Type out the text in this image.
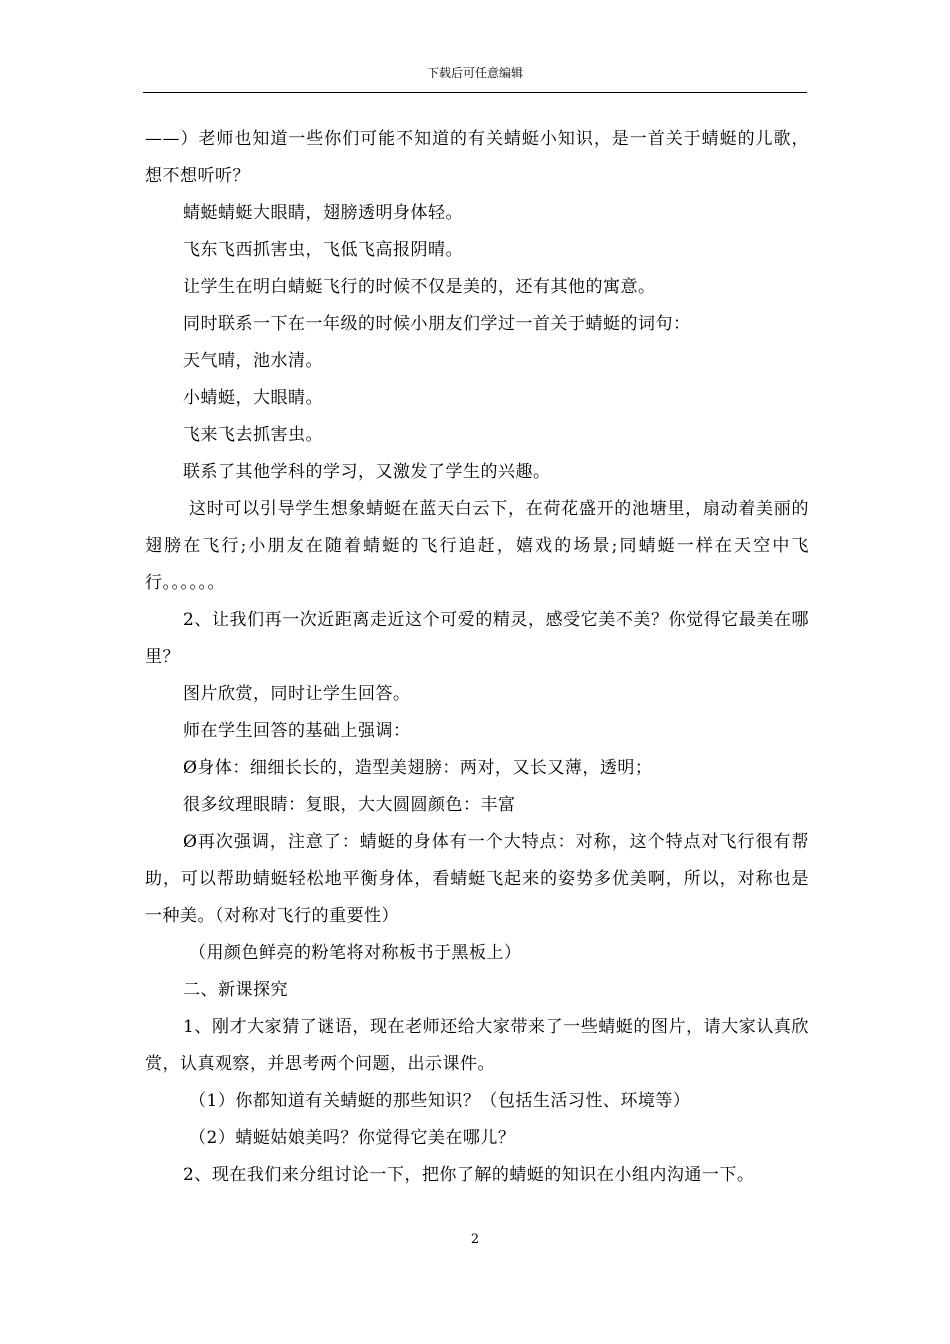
下载后可任意编辑

——）老师也知道一些你们可能不知道的有关蜻蜓小知识，是一首关于蜻蜓的儿歌，想不想听听？

蜻蜓蜻蜓大眼睛，翅膀透明身体轻。

飞东飞西抓害虫，飞低飞高报阴晴。

让学生在明白蜻蜓飞行的时候不仅是美的，还有其他的寓意。

同时联系一下在一年级的时候小朋友们学过一首关于蜻蜓的词句：

天气晴，池水清。

小蜻蜓，大眼睛。

飞来飞去抓害虫。

联系了其他学科的学习，又激发了学生的兴趣。

这时可以引导学生想象蜻蜓在蓝天白云下，在荷花盛开的池塘里，扇动着美丽的翅膀在飞行;小朋友在随着蜻蜓的飞行追赶，嬉戏的场景;同蜻蜓一样在天空中飞行。。。。。。

2、让我们再一次近距离走近这个可爱的精灵，感受它美不美？你觉得它最美在哪里？

图片欣赏，同时让学生回答。

师在学生回答的基础上强调：

Ø身体：细细长长的，造型美翅膀：两对，又长又薄，透明；

很多纹理眼睛：复眼，大大圆圆颜色：丰富

Ø再次强调，注意了：蜻蜓的身体有一个大特点：对称，这个特点对飞行很有帮助，可以帮助蜻蜓轻松地平衡身体，看蜻蜓飞起来的姿势多优美啊，所以，对称也是一种美。（对称对飞行的重要性）

（用颜色鲜亮的粉笔将对称板书于黑板上）

二、新课探究

1、刚才大家猜了谜语，现在老师还给大家带来了一些蜻蜓的图片，请大家认真欣赏，认真观察，并思考两个问题，出示课件。

（1）你都知道有关蜻蜓的那些知识？（包括生活习性、环境等）

（2）蜻蜓姑娘美吗？你觉得它美在哪儿？

2、现在我们来分组讨论一下，把你了解的蜻蜓的知识在小组内沟通一下。

2
